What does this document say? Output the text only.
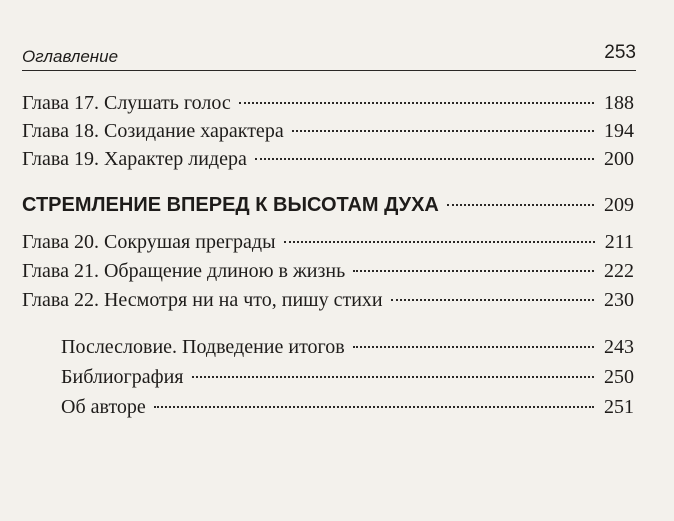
Оглавление	253
Глава 17. Слушать голос	188
Глава 18. Созидание характера	194
Глава 19. Характер лидера	200
СТРЕМЛЕНИЕ ВПЕРЕД К ВЫСОТАМ ДУХА	209
Глава 20. Сокрушая преграды	211
Глава 21. Обращение длиною в жизнь	222
Глава 22. Несмотря ни на что, пишу стихи	230
Послесловие. Подведение итогов	243
Библиография	250
Об авторе	251
